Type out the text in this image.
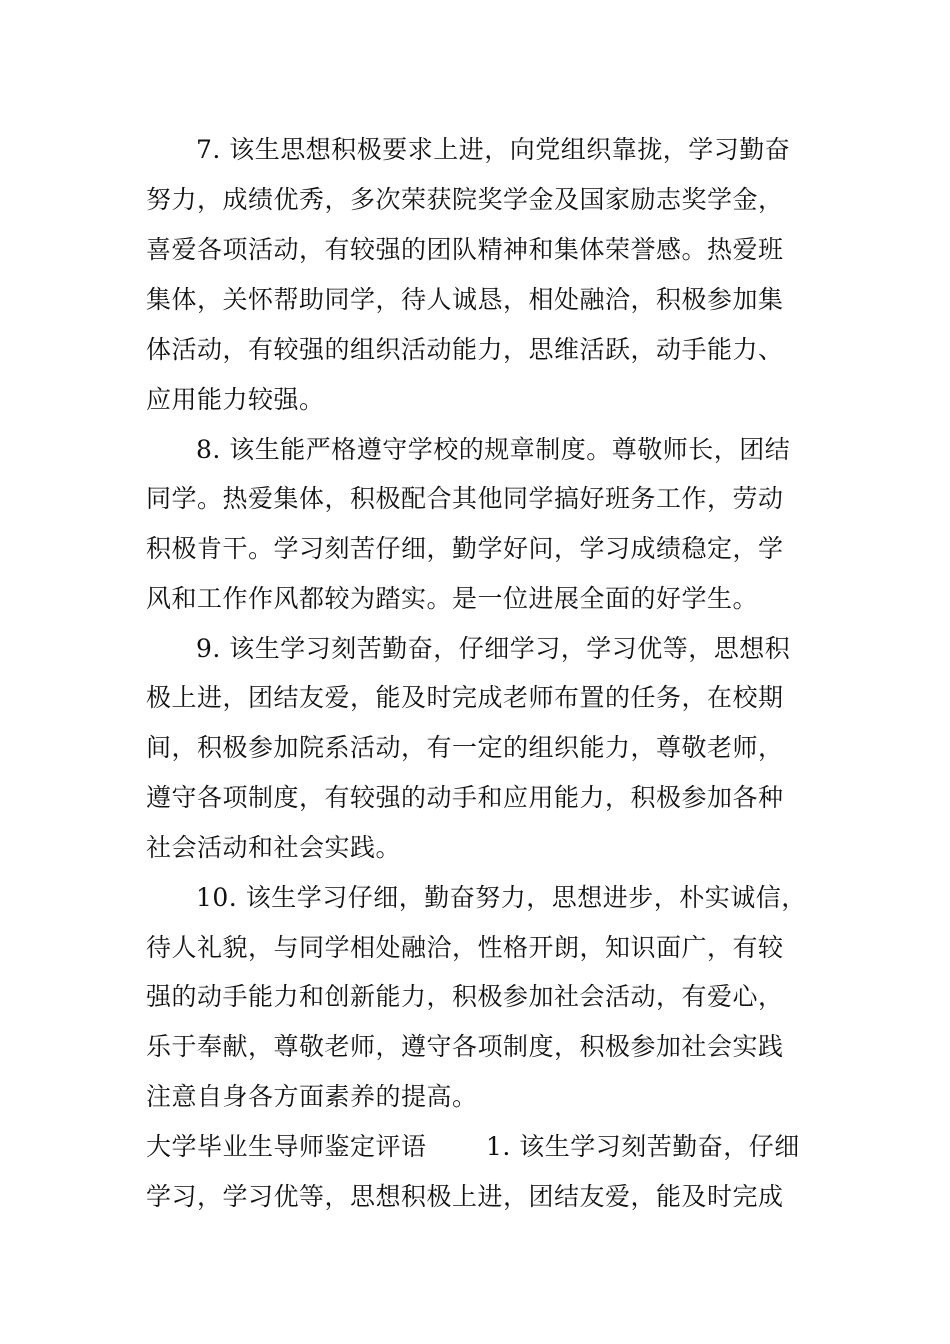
7. 该生思想积极要求上进，向党组织靠拢，学习勤奋
努力，成绩优秀，多次荣获院奖学金及国家励志奖学金，
喜爱各项活动，有较强的团队精神和集体荣誉感。热爱班
集体，关怀帮助同学，待人诚恳，相处融洽，积极参加集
体活动，有较强的组织活动能力，思维活跃，动手能力、
应用能力较强。
8. 该生能严格遵守学校的规章制度。尊敬师长，团结
同学。热爱集体，积极配合其他同学搞好班务工作，劳动
积极肯干。学习刻苦仔细，勤学好问，学习成绩稳定，学
风和工作作风都较为踏实。是一位进展全面的好学生。
9. 该生学习刻苦勤奋，仔细学习，学习优等，思想积
极上进，团结友爱，能及时完成老师布置的任务，在校期
间，积极参加院系活动，有一定的组织能力，尊敬老师，
遵守各项制度，有较强的动手和应用能力，积极参加各种
社会活动和社会实践。
10. 该生学习仔细，勤奋努力，思想进步，朴实诚信，
待人礼貌，与同学相处融洽，性格开朗，知识面广，有较
强的动手能力和创新能力，积极参加社会活动，有爱心，
乐于奉献，尊敬老师，遵守各项制度，积极参加社会实践
注意自身各方面素养的提高。
大学毕业生导师鉴定评语　　 1. 该生学习刻苦勤奋，仔细
学习，学习优等，思想积极上进，团结友爱，能及时完成
